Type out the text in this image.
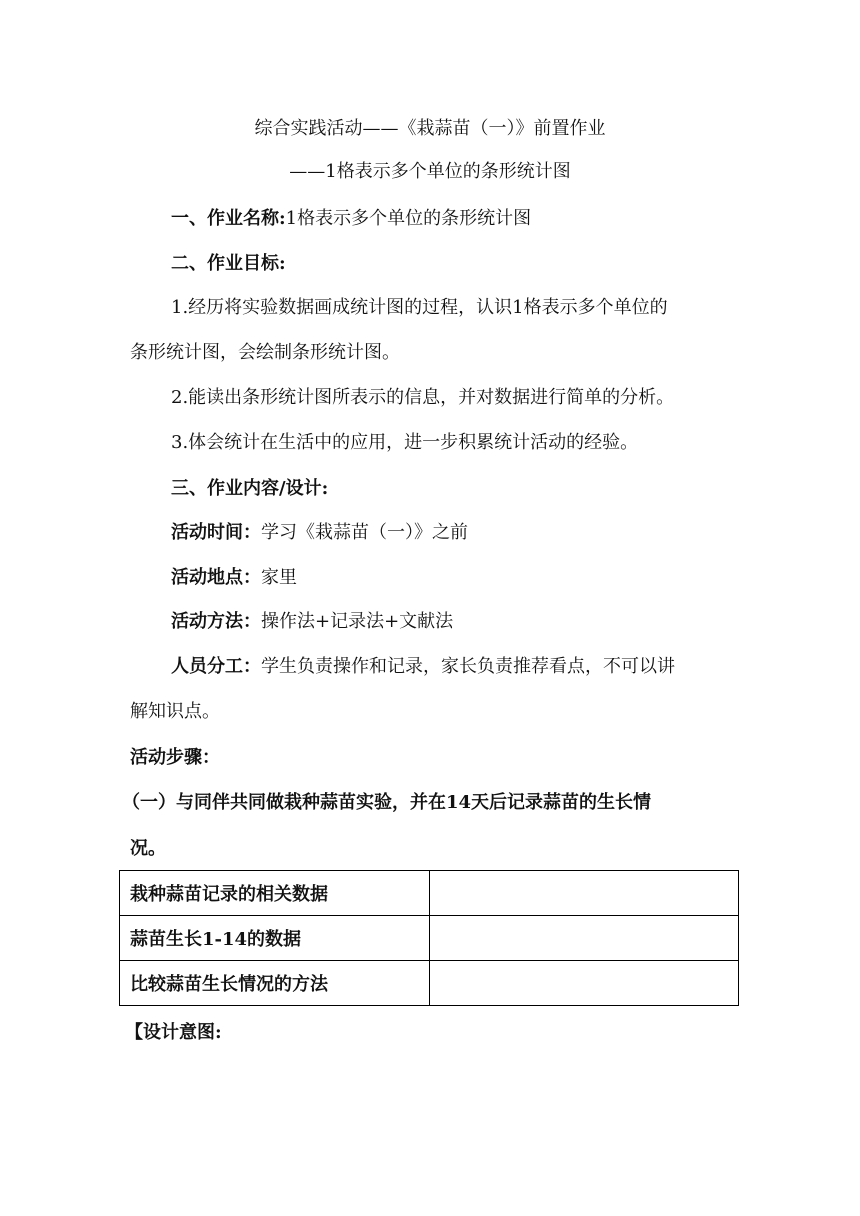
综合实践活动——《栽蒜苗（一）》前置作业
——1格表示多个单位的条形统计图
一、作业名称:1格表示多个单位的条形统计图
二、作业目标:
1.经历将实验数据画成统计图的过程，认识1格表示多个单位的
条形统计图，会绘制条形统计图。
2.能读出条形统计图所表示的信息，并对数据进行简单的分析。
3.体会统计在生活中的应用，进一步积累统计活动的经验。
三、作业内容/设计:
活动时间：学习《栽蒜苗（一）》之前
活动地点：家里
活动方法：操作法+记录法+文献法
人员分工：学生负责操作和记录，家长负责推荐看点，不可以讲
解知识点。
活动步骤：
（一）与同伴共同做栽种蒜苗实验，并在14天后记录蒜苗的生长情
况。
栽种蒜苗记录的相关数据	
蒜苗生长1-14的数据	
比较蒜苗生长情况的方法	
【设计意图:
